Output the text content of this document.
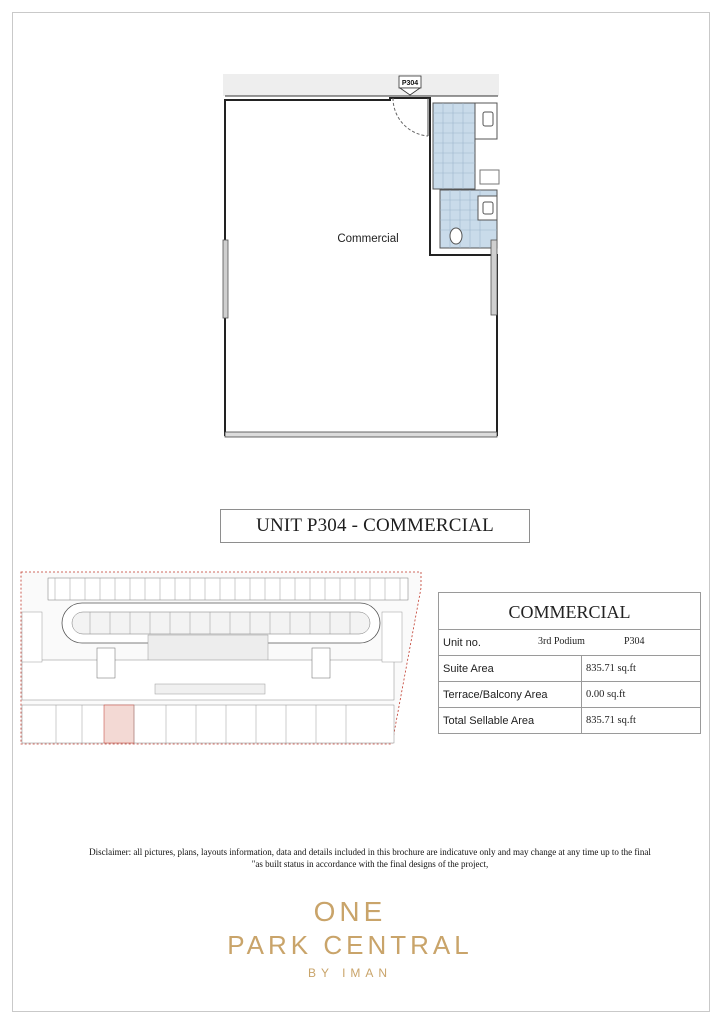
P304
Commercial
UNIT P304 - COMMERCIAL
COMMERCIAL	
Unit no. 3rd Podium P304	

Suite Area	835.71 sq.ft
Terrace/Balcony Area	0.00 sq.ft
Total Sellable Area	835.71 sq.ft
Disclaimer: all pictures, plans, layouts information, data and details included in this brochure are indicatuve only and may change at any time up to the final
"as built status in accordance with the final designs of the project,
ONE
PARK CENTRAL
BY IMAN
